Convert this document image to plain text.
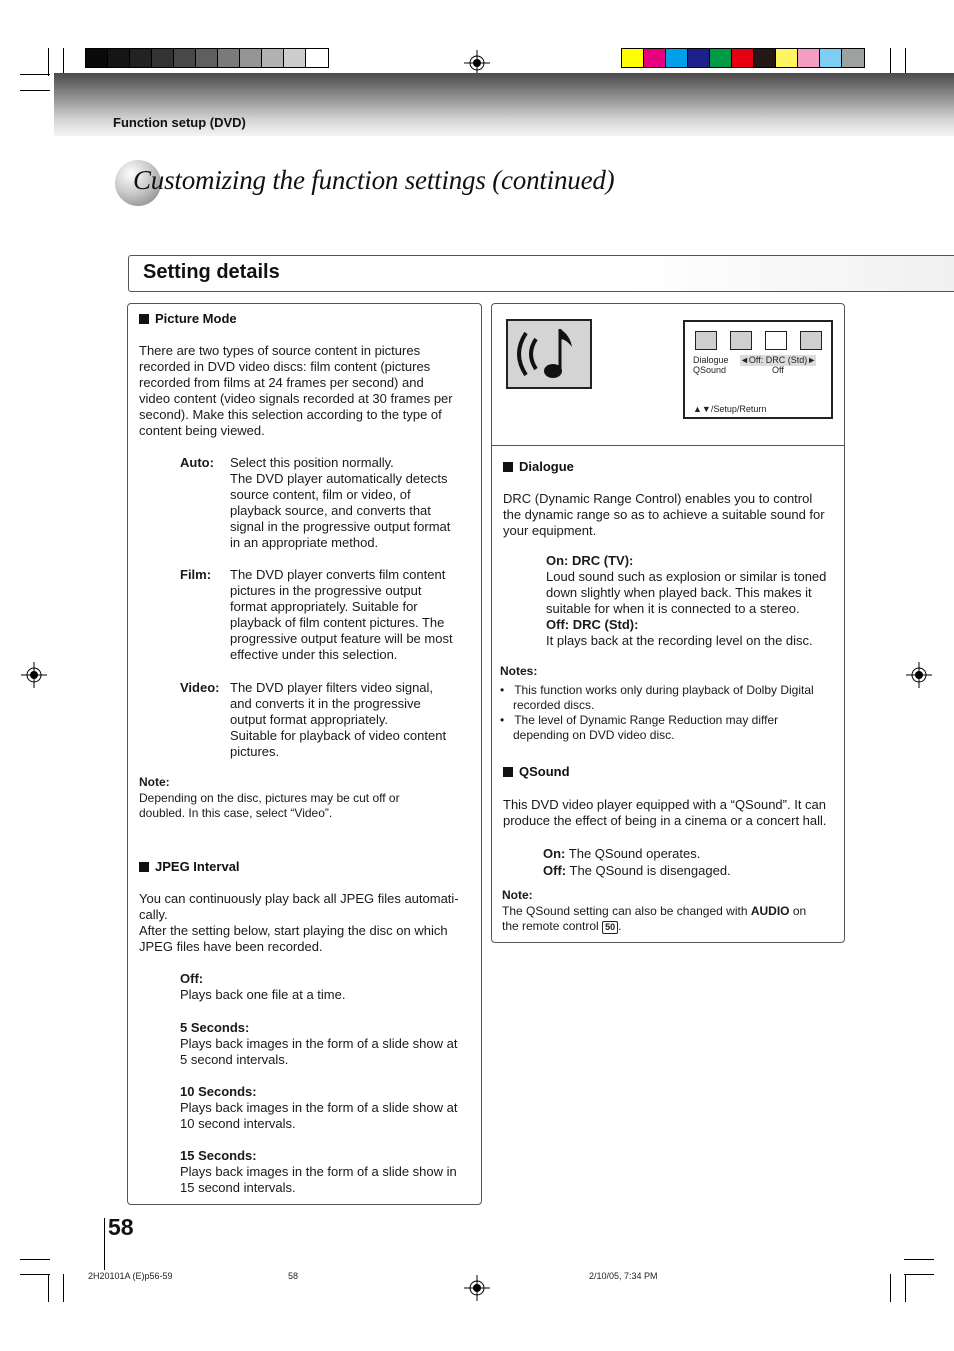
Function setup (DVD)
Customizing the function settings (continued)
Setting details
Picture Mode
There are two types of source content in pictures
recorded in DVD video discs: film content (pictures
recorded from films at 24 frames per second) and
video content (video signals recorded at 30 frames per
second). Make this selection according to the type of
content being viewed.
Auto: Select this position normally.
The DVD player automatically detects
source content, film or video, of
playback source, and converts that
signal in the progressive output format
in an appropriate method.
Film: The DVD player converts film content
pictures in the progressive output
format appropriately. Suitable for
playback of film content pictures. The
progressive output feature will be most
effective under this selection.
Video: The DVD player filters video signal,
and converts it in the progressive
output format appropriately.
Suitable for playback of video content
pictures.
Note:
Depending on the disc, pictures may be cut off or
doubled. In this case, select “Video”.
JPEG Interval
You can continuously play back all JPEG files automati-
cally.
After the setting below, start playing the disc on which
JPEG files have been recorded.
Off:
Plays back one file at a time.
5 Seconds:
Plays back images in the form of a slide show at
5 second intervals.
10 Seconds:
Plays back images in the form of a slide show at
10 second intervals.
15 Seconds:
Plays back images in the form of a slide show in
15 second intervals.
Dialogue ◄Off: DRC (Std)►
QSound	Off
▲▼/Setup/Return
Dialogue
DRC (Dynamic Range Control) enables you to control
the dynamic range so as to achieve a suitable sound for
your equipment.
On: DRC (TV):
Loud sound such as explosion or similar is toned
down slightly when played back. This makes it
suitable for when it is connected to a stereo.
Off: DRC (Std):
It plays back at the recording level on the disc.
Notes:
•   This function works only during playback of Dolby Digital
recorded discs.
•   The level of Dynamic Range Reduction may differ
depending on DVD video disc.
QSound
This DVD video player equipped with a “QSound”. It can
produce the effect of being in a cinema or a concert hall.
On: The QSound operates.
Off: The QSound is disengaged.
Note:
The QSound setting can also be changed with AUDIO on
the remote control 50 .
58
2H20101A (E)p56-59	58	2/10/05, 7:34 PM
